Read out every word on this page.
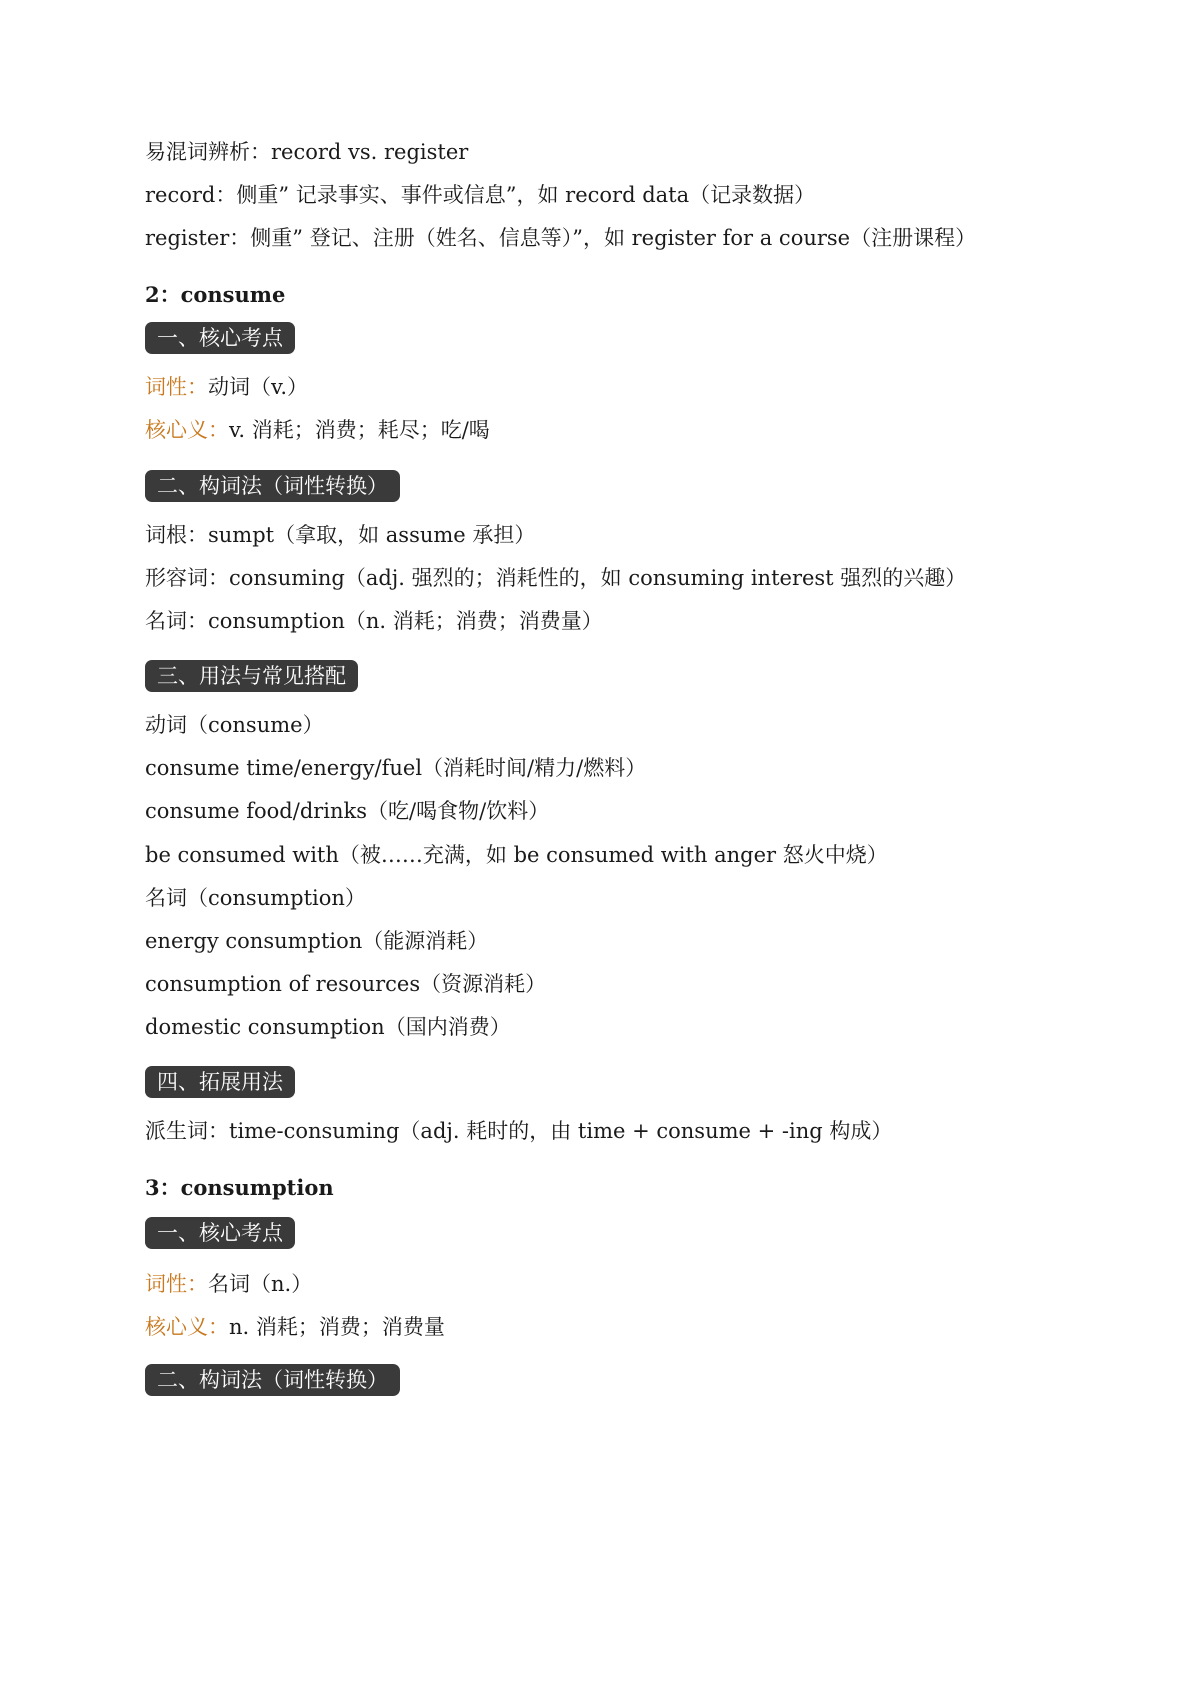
易混词辨析：record vs. register
record：侧重” 记录事实、事件或信息”，如 record data（记录数据）
register：侧重” 登记、注册（姓名、信息等）”，如 register for a course（注册课程）
2：consume
一、核心考点
词性：动词（v.）
核心义：v. 消耗；消费；耗尽；吃/喝
二、构词法（词性转换）
词根：sumpt（拿取，如 assume 承担）
形容词：consuming（adj. 强烈的；消耗性的，如 consuming interest 强烈的兴趣）
名词：consumption（n. 消耗；消费；消费量）
三、用法与常见搭配
动词（consume）
consume time/energy/fuel（消耗时间/精力/燃料）
consume food/drinks（吃/喝食物/饮料）
be consumed with（被……充满，如 be consumed with anger 怒火中烧）
名词（consumption）
energy consumption（能源消耗）
consumption of resources（资源消耗）
domestic consumption（国内消费）
四、拓展用法
派生词：time-consuming（adj. 耗时的，由 time + consume + -ing 构成）
3：consumption
一、核心考点
词性：名词（n.）
核心义：n. 消耗；消费；消费量
二、构词法（词性转换）
